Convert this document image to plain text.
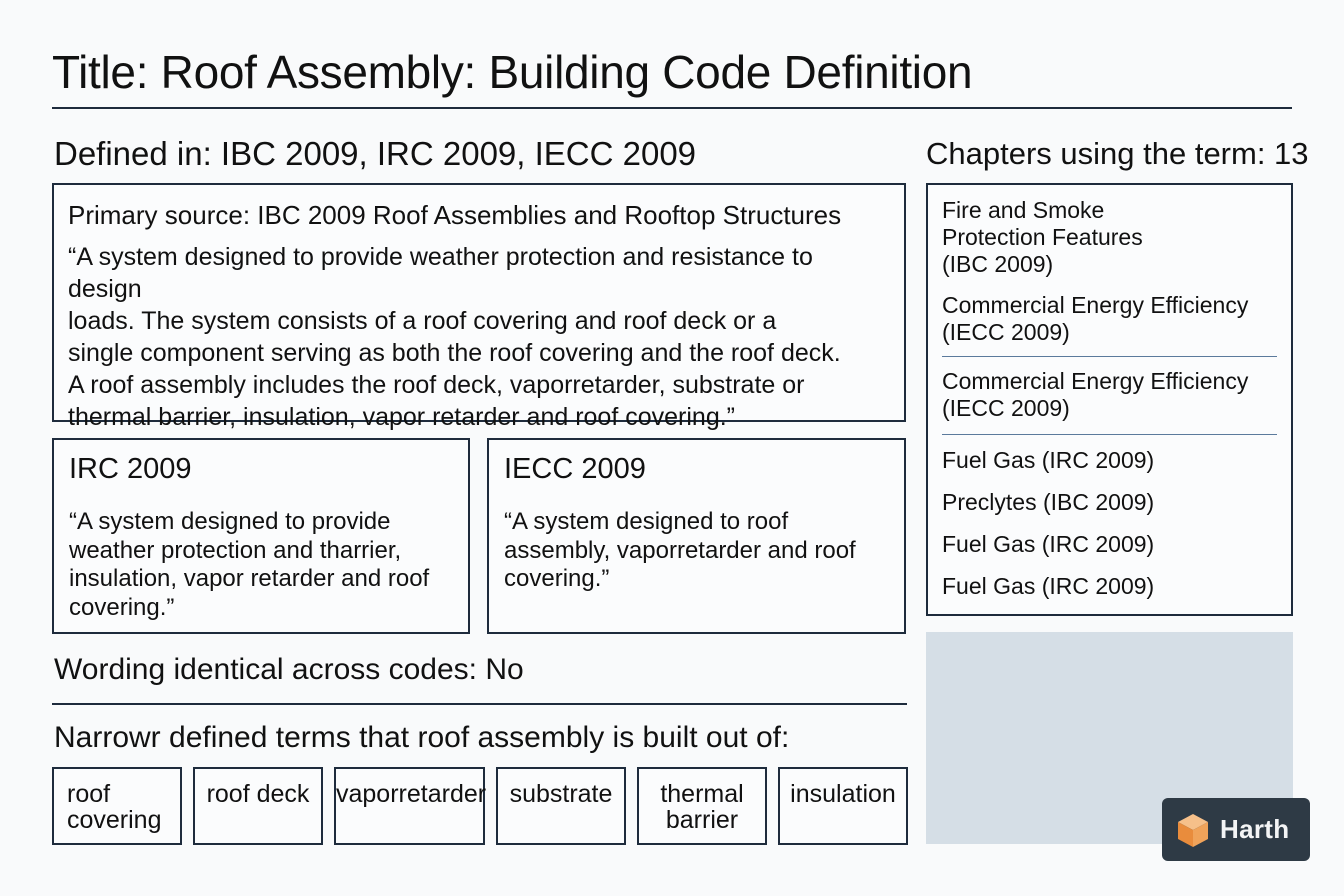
Title: Roof Assembly: Building Code Definition
Defined in: IBC 2009, IRC 2009, IECC 2009	Chapters using the term: 13
Primary source: IBC 2009 Roof Assemblies and Rooftop Structures
“A system designed to provide weather protection and resistance to design
loads. The system consists of a roof covering and roof deck or a
single component serving as both the roof covering and the roof deck.
A roof assembly includes the roof deck, vaporretarder, substrate or
thermal barrier, insulation, vapor retarder and roof covering.”
IRC 2009
“A system designed to provide
weather protection and tharrier,
insulation, vapor retarder and roof
covering.”
IECC 2009
“A system designed to roof
assembly, vaporretarder and roof
covering.”
Wording identical across codes: No
Narrowr defined terms that roof assembly is built out of:
roof
covering
roof deck	vaporretarder substrate	thermal
barrier
insulation
Fire and Smoke Protection Features
(IBC 2009)
Commercial Energy Efficiency
(IECC 2009)
Commercial Energy Efficiency
(IECC 2009)
Fuel Gas (IRC 2009)
Preclytes (IBC 2009)
Fuel Gas (IRC 2009)
Fuel Gas (IRC 2009)
Harth
